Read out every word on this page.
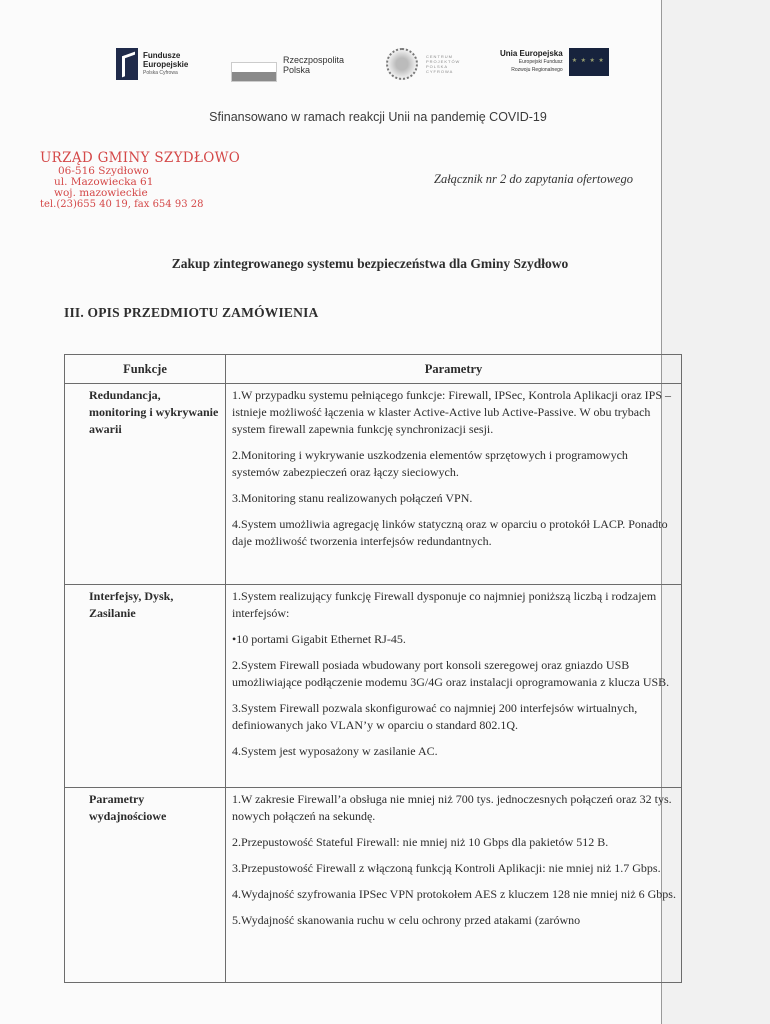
Fundusze
Europejskie
Polska Cyfrowa
Rzeczpospolita
Polska
CENTRUM
PROJEKTÓW
POLSKA
CYFROWA
Unia Europejska
Europejski Fundusz
Rozwoju Regionalnego
★ ★ ★ ★
Sfinansowano w ramach reakcji Unii na pandemię COVID-19
URZĄD GMINY SZYDŁOWO
06-516 Szydłowo
ul. Mazowiecka 61
woj. mazowieckie
tel.(23)655 40 19, fax 654 93 28
Załącznik nr 2 do zapytania ofertowego
Zakup zintegrowanego systemu bezpieczeństwa dla Gminy Szydłowo
III. OPIS PRZEDMIOTU ZAMÓWIENIA
Funkcje	Parametry
Redundancja, monitoring i wykrywanie awarii	1.W przypadku systemu pełniącego funkcje: Firewall, IPSec, Kontrola Aplikacji oraz IPS – istnieje możliwość łączenia w klaster Active-Active lub Active-Passive. W obu trybach system firewall zapewnia funkcję synchronizacji sesji.

2.Monitoring i wykrywanie uszkodzenia elementów sprzętowych i programowych systemów zabezpieczeń oraz łączy sieciowych.

3.Monitoring stanu realizowanych połączeń VPN.

4.System umożliwia agregację linków statyczną oraz w oparciu o protokół LACP. Ponadto daje możliwość tworzenia interfejsów redundantnych.

Interfejsy, Dysk, Zasilanie	1.System realizujący funkcję Firewall dysponuje co najmniej poniższą liczbą i rodzajem interfejsów:

•10 portami Gigabit Ethernet RJ-45.

2.System Firewall posiada wbudowany port konsoli szeregowej oraz gniazdo USB umożliwiające podłączenie modemu 3G/4G oraz instalacji oprogramowania z klucza USB.

3.System Firewall pozwala skonfigurować co najmniej 200 interfejsów wirtualnych, definiowanych jako VLAN’y w oparciu o standard 802.1Q.

4.System jest wyposażony w zasilanie AC.

Parametry wydajnościowe	1.W zakresie Firewall’a obsługa nie mniej niż 700 tys. jednoczesnych połączeń oraz 32 tys. nowych połączeń na sekundę.

2.Przepustowość Stateful Firewall: nie mniej niż 10 Gbps dla pakietów 512 B.

3.Przepustowość Firewall z włączoną funkcją Kontroli Aplikacji: nie mniej niż 1.7 Gbps.

4.Wydajność szyfrowania IPSec VPN protokołem AES z kluczem 128 nie mniej niż 6 Gbps.

5.Wydajność skanowania ruchu w celu ochrony przed atakami (zarówno
